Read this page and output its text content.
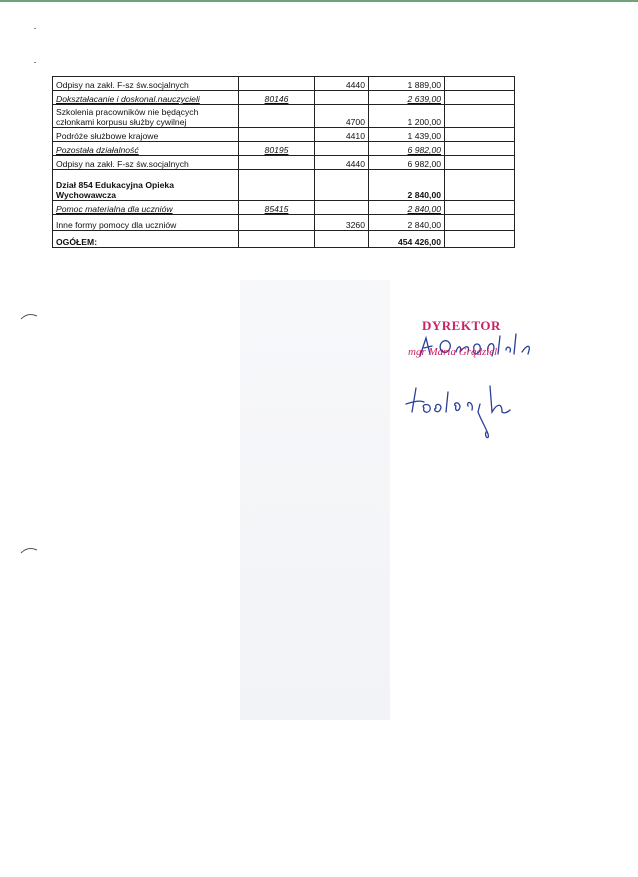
Odpisy na zakł. F-sz św.socjalnych		4440	1 889,00	
Dokształacanie i doskonal.nauczycieli	80146		2 639,00	
Szkolenia pracowników nie będących członkami korpusu służby cywilnej		4700	1 200,00	
Podróże służbowe krajowe		4410	1 439,00	
Pozostała działalność	80195		6 982,00	
Odpisy na zakł. F-sz św.socjalnych		4440	6 982,00	
Dział 854 Edukacyjna Opieka Wychowawcza			2 840,00	
Pomoc materialna dla uczniów	85415		2 840,00	
Inne formy pomocy dla uczniów		3260	2 840,00	
OGÓŁEM:			454 426,00	
DYREKTOR
mgr Maria Grądziel
